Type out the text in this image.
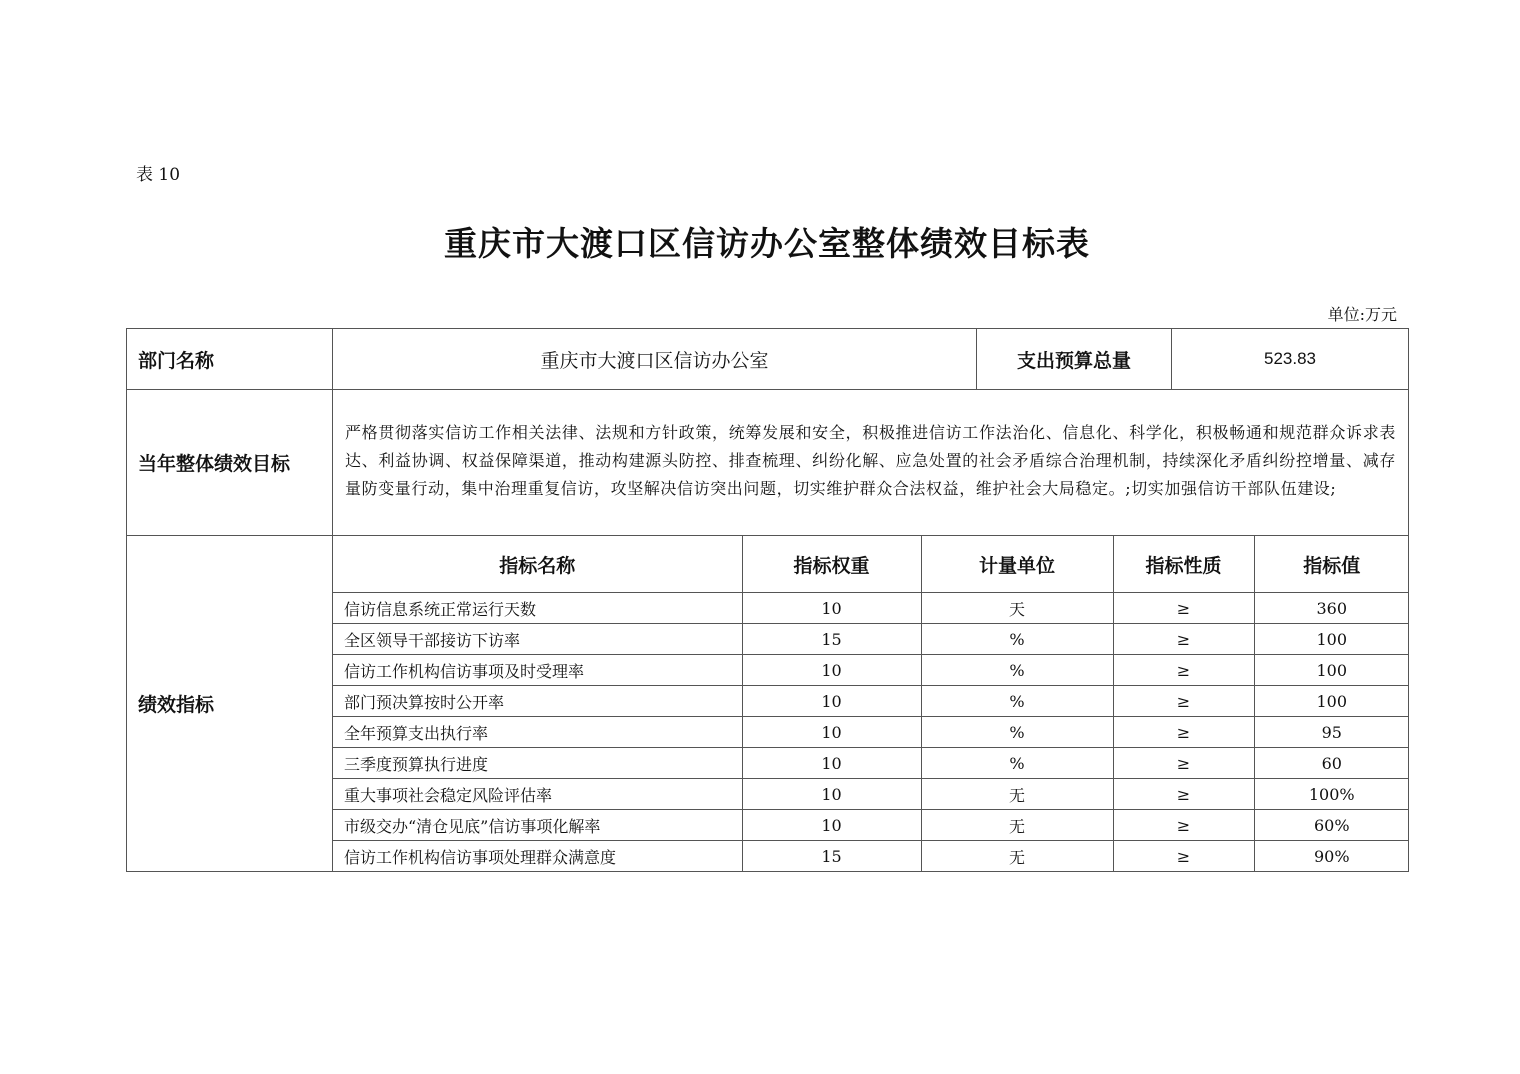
表 10
重庆市大渡口区信访办公室整体绩效目标表
单位:万元
部门名称	重庆市大渡口区信访办公室	支出预算总量	523.83
当年整体绩效目标	严格贯彻落实信访工作相关法律、法规和方针政策，统筹发展和安全，积极推进信访工作法治化、信息化、科学化，积极畅通和规范群众诉求表达、利益协调、权益保障渠道，推动构建源头防控、排查梳理、纠纷化解、应急处置的社会矛盾综合治理机制，持续深化矛盾纠纷控增量、减存量防变量行动，集中治理重复信访，攻坚解决信访突出问题，切实维护群众合法权益，维护社会大局稳定。;切实加强信访干部队伍建设;
绩效指标	
指标名称	指标权重	计量单位	指标性质	指标值
信访信息系统正常运行天数	10	天	≥	360
全区领导干部接访下访率	15	%	≥	100
信访工作机构信访事项及时受理率	10	%	≥	100
部门预决算按时公开率	10	%	≥	100
全年预算支出执行率	10	%	≥	95
三季度预算执行进度	10	%	≥	60
重大事项社会稳定风险评估率	10	无	≥	100%
市级交办“清仓见底”信访事项化解率	10	无	≥	60%
信访工作机构信访事项处理群众满意度	15	无	≥	90%
